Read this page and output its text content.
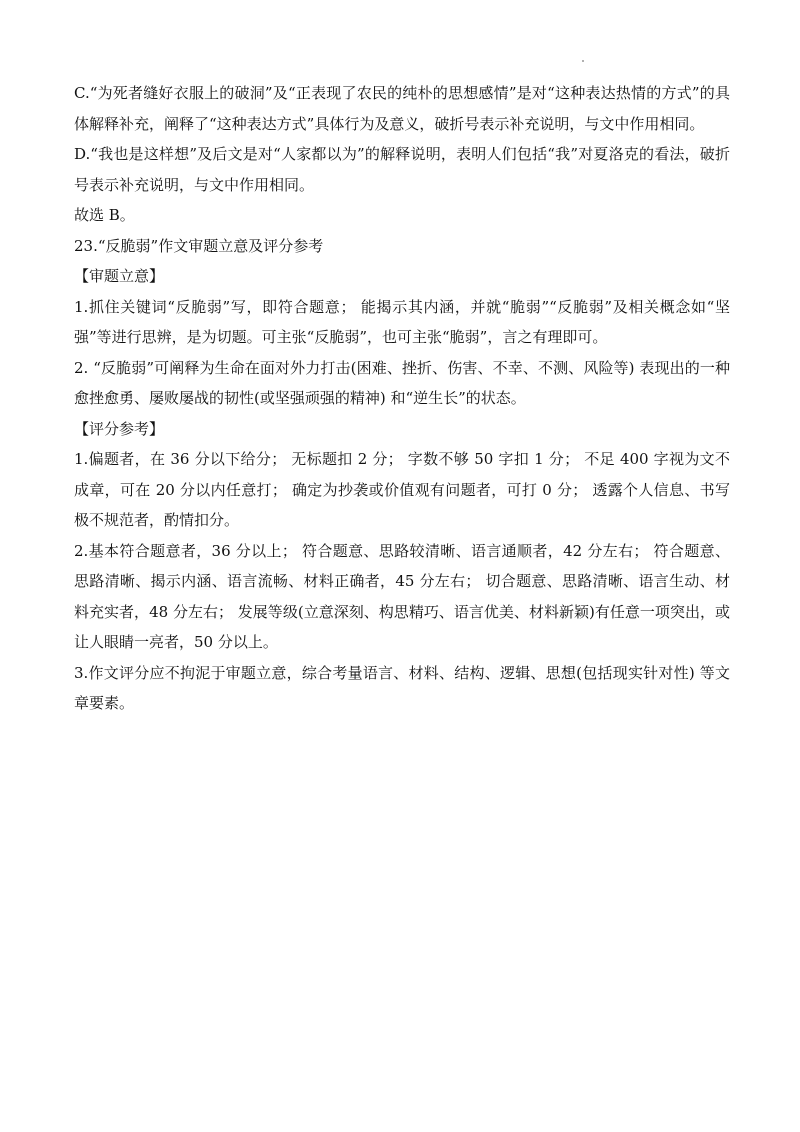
C.“为死者缝好衣服上的破洞”及“正表现了农民的纯朴的思想感情”是对“这种表达热情的方式”的具体解释补充，阐释了“这种表达方式”具体行为及意义，破折号表示补充说明，与文中作用相同。

D.“我也是这样想”及后文是对“人家都以为”的解释说明，表明人们包括“我”对夏洛克的看法，破折号表示补充说明，与文中作用相同。

故选 B。

23.“反脆弱”作文审题立意及评分参考

【审题立意】

1.抓住关键词“反脆弱”写，即符合题意； 能揭示其内涵，并就“脆弱”“反脆弱”及相关概念如“坚强”等进行思辨，是为切题。可主张“反脆弱”，也可主张“脆弱”，言之有理即可。

2. “反脆弱”可阐释为生命在面对外力打击(困难、挫折、伤害、不幸、不测、风险等) 表现出的一种愈挫愈勇、屡败屡战的韧性(或坚强顽强的精神) 和“逆生长”的状态。

【评分参考】

1.偏题者，在 36 分以下给分； 无标题扣 2 分； 字数不够 50 字扣 1 分； 不足 400 字视为文不成章，可在 20 分以内任意打； 确定为抄袭或价值观有问题者，可打 0 分； 透露个人信息、书写极不规范者，酌情扣分。

2.基本符合题意者，36 分以上； 符合题意、思路较清晰、语言通顺者，42 分左右； 符合题意、思路清晰、揭示内涵、语言流畅、材料正确者，45 分左右； 切合题意、思路清晰、语言生动、材料充实者，48 分左右； 发展等级(立意深刻、构思精巧、语言优美、材料新颖)有任意一项突出，或让人眼睛一亮者，50 分以上。

3.作文评分应不拘泥于审题立意，综合考量语言、材料、结构、逻辑、思想(包括现实针对性) 等文章要素。
